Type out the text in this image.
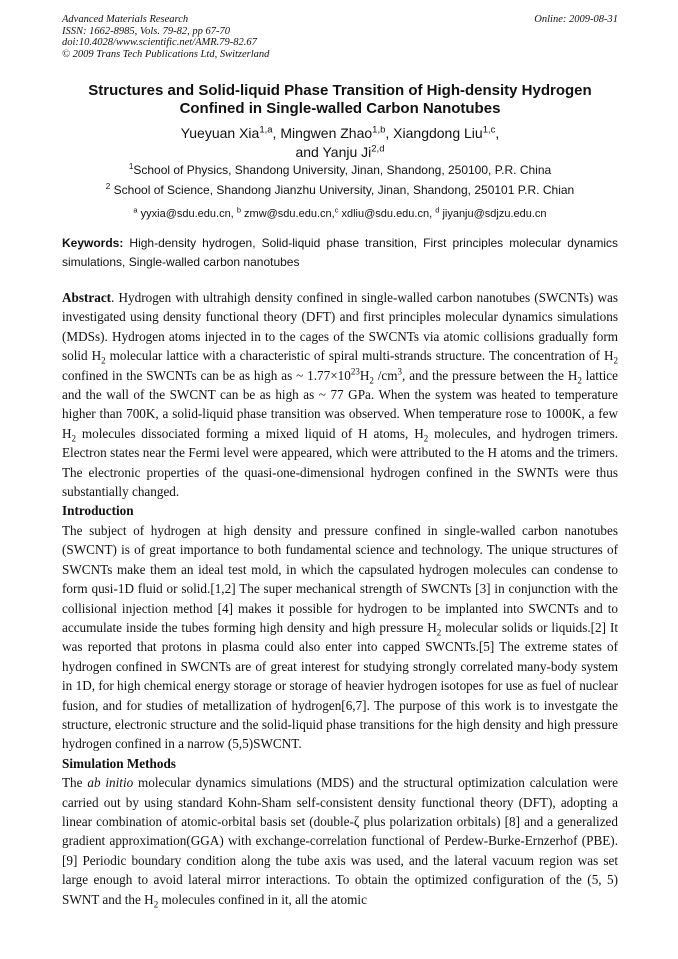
Advanced Materials Research
ISSN: 1662-8985, Vols. 79-82, pp 67-70
doi:10.4028/www.scientific.net/AMR.79-82.67
© 2009 Trans Tech Publications Ltd, Switzerland
Online: 2009-08-31
Structures and Solid-liquid Phase Transition of High-density Hydrogen
Confined in Single-walled Carbon Nanotubes
Yueyuan Xia$^{1,a}$, Mingwen Zhao$^{1,b}$, Xiangdong Liu$^{1,c}$,
and Yanju Ji$^{2,d}$
$^1$School of Physics, Shandong University, Jinan, Shandong, 250100, P.R. China
$^2$ School of Science, Shandong Jianzhu University, Jinan, Shandong, 250101 P.R. Chian
$^a$ yyxia@sdu.edu.cn, $^b$ zmw@sdu.edu.cn,$^c$ xdliu@sdu.edu.cn, $^d$ jiyanju@sdjzu.edu.cn
Keywords: High-density hydrogen, Solid-liquid phase transition, First principles molecular dynamics simulations, Single-walled carbon nanotubes

Abstract. Hydrogen with ultrahigh density confined in single-walled carbon nanotubes (SWCNTs) was investigated using density functional theory (DFT) and first principles molecular dynamics simulations (MDSs). Hydrogen atoms injected in to the cages of the SWCNTs via atomic collisions gradually form solid $H_2$ molecular lattice with a characteristic of spiral multi-strands structure. The concentration of $H_2$ confined in the SWCNTs can be as high as ~ $1.77\times 10^{23}H_2$ $/cm^3$, and the pressure between the $H_2$ lattice and the wall of the SWCNT can be as high as ~ 77 GPa. When the system was heated to temperature higher than 700K, a solid-liquid phase transition was observed. When temperature rose to 1000K, a few $H_2$ molecules dissociated forming a mixed liquid of H atoms, $H_2$ molecules, and hydrogen trimers. Electron states near the Fermi level were appeared, which were attributed to the H atoms and the trimers. The electronic properties of the quasi-one-dimensional hydrogen confined in the SWNTs were thus substantially changed.

Introduction

The subject of hydrogen at high density and pressure confined in single-walled carbon nanotubes (SWCNT) is of great importance to both fundamental science and technology. The unique structures of SWCNTs make them an ideal test mold, in which the capsulated hydrogen molecules can condense to form qusi-1D fluid or solid.[1,2] The super mechanical strength of SWCNTs [3] in conjunction with the collisional injection method [4] makes it possible for hydrogen to be implanted into SWCNTs and to accumulate inside the tubes forming high density and high pressure $H_2$ molecular solids or liquids.[2] It was reported that protons in plasma could also enter into capped SWCNTs.[5] The extreme states of hydrogen confined in SWCNTs are of great interest for studying strongly correlated many-body system in 1D, for high chemical energy storage or storage of heavier hydrogen isotopes for use as fuel of nuclear fusion, and for studies of metallization of hydrogen[6,7]. The purpose of this work is to investgate the structure, electronic structure and the solid-liquid phase transitions for the high density and high pressure hydrogen confined in a narrow (5,5)SWCNT.

Simulation Methods

The ab initio molecular dynamics simulations (MDS) and the structural optimization calculation were carried out by using standard Kohn-Sham self-consistent density functional theory (DFT), adopting a linear combination of atomic-orbital basis set (double-ζ plus polarization orbitals) [8] and a generalized gradient approximation(GGA) with exchange-correlation functional of Perdew-Burke-Ernzerhof (PBE).[9] Periodic boundary condition along the tube axis was used, and the lateral vacuum region was set large enough to avoid lateral mirror interactions. To obtain the optimized configuration of the (5, 5) SWNT and the $H_2$ molecules confined in it, all the atomic
